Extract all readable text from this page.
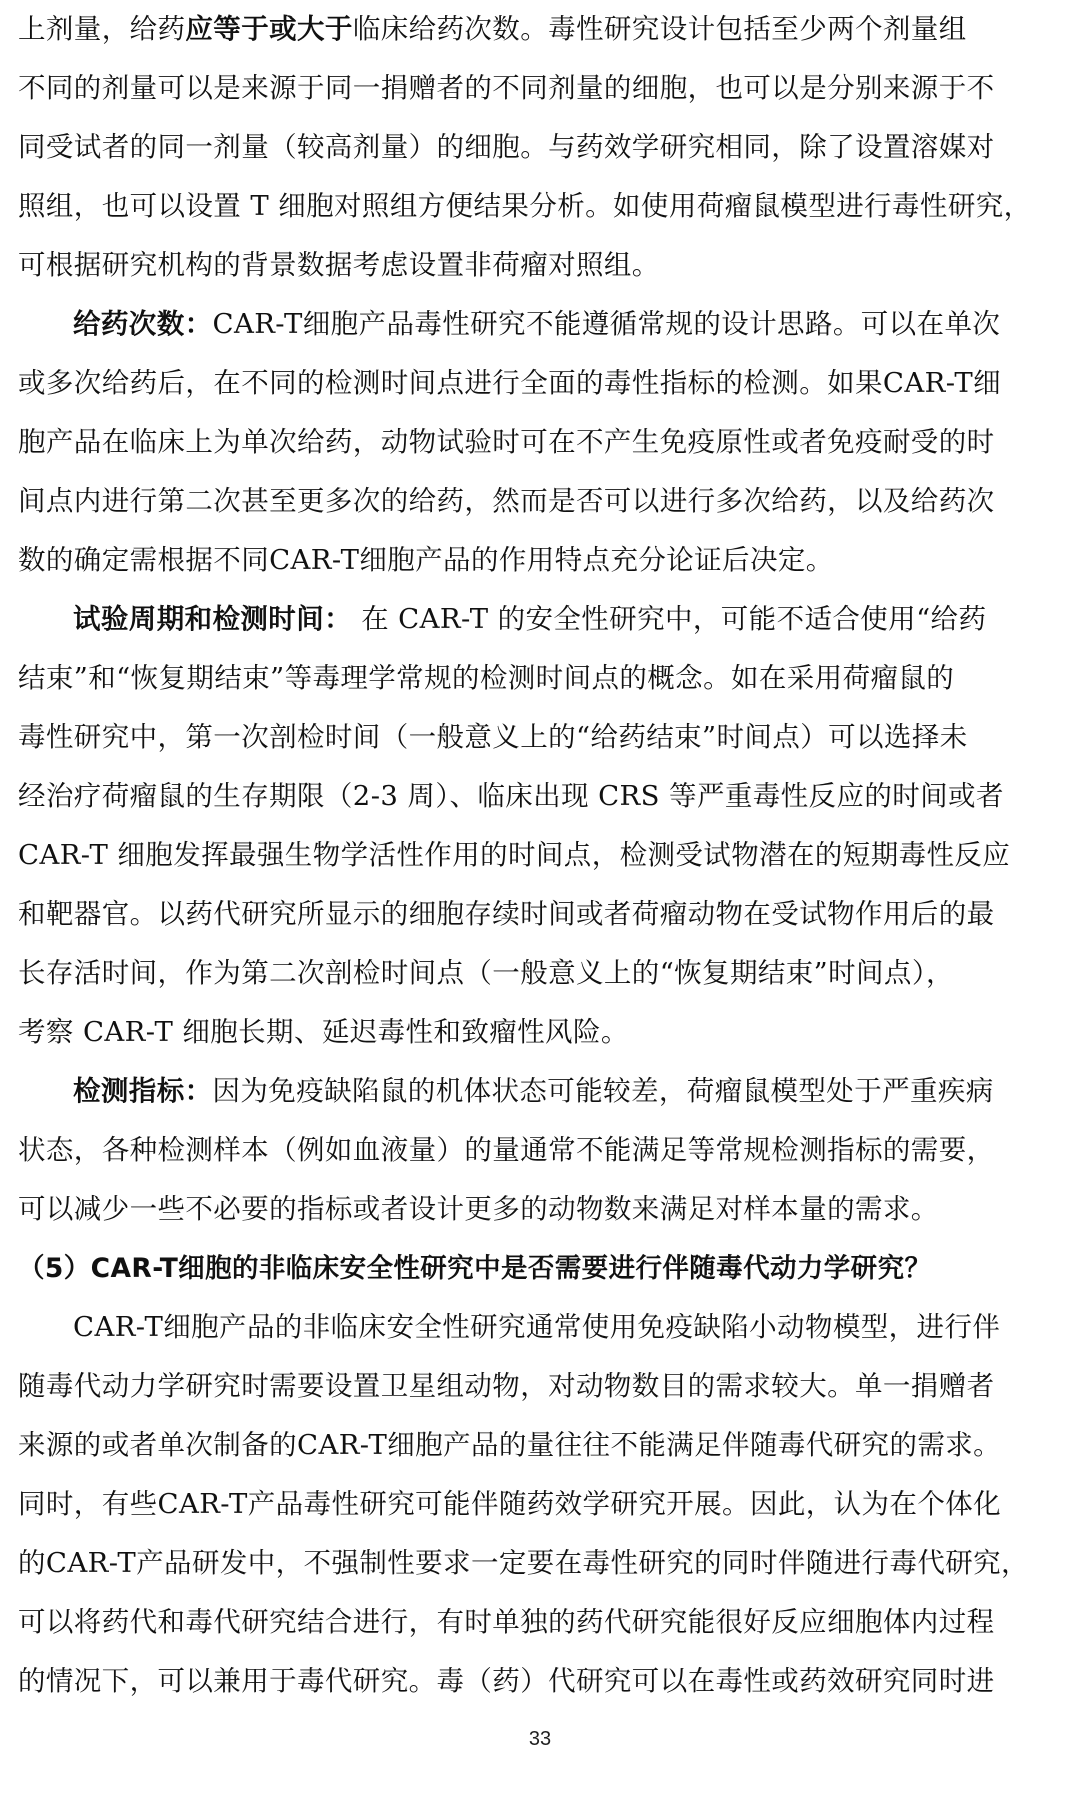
上剂量，给药应等于或大于临床给药次数。毒性研究设计包括至少两个剂量组
不同的剂量可以是来源于同一捐赠者的不同剂量的细胞，也可以是分别来源于不
同受试者的同一剂量（较高剂量）的细胞。与药效学研究相同，除了设置溶媒对
照组，也可以设置 T 细胞对照组方便结果分析。如使用荷瘤鼠模型进行毒性研究，
可根据研究机构的背景数据考虑设置非荷瘤对照组。
给药次数：CAR-T细胞产品毒性研究不能遵循常规的设计思路。可以在单次
或多次给药后，在不同的检测时间点进行全面的毒性指标的检测。如果CAR-T细
胞产品在临床上为单次给药，动物试验时可在不产生免疫原性或者免疫耐受的时
间点内进行第二次甚至更多次的给药，然而是否可以进行多次给药，以及给药次
数的确定需根据不同CAR-T细胞产品的作用特点充分论证后决定。
试验周期和检测时间： 在 CAR-T 的安全性研究中，可能不适合使用“给药
结束”和“恢复期结束”等毒理学常规的检测时间点的概念。如在采用荷瘤鼠的
毒性研究中，第一次剖检时间（一般意义上的“给药结束”时间点）可以选择未
经治疗荷瘤鼠的生存期限（2-3 周）、临床出现 CRS 等严重毒性反应的时间或者
CAR-T 细胞发挥最强生物学活性作用的时间点，检测受试物潜在的短期毒性反应
和靶器官。以药代研究所显示的细胞存续时间或者荷瘤动物在受试物作用后的最
长存活时间，作为第二次剖检时间点（一般意义上的“恢复期结束”时间点），
考察 CAR-T 细胞长期、延迟毒性和致瘤性风险。
检测指标：因为免疫缺陷鼠的机体状态可能较差，荷瘤鼠模型处于严重疾病
状态，各种检测样本（例如血液量）的量通常不能满足等常规检测指标的需要，
可以减少一些不必要的指标或者设计更多的动物数来满足对样本量的需求。
（5）CAR-T细胞的非临床安全性研究中是否需要进行伴随毒代动力学研究？
CAR-T细胞产品的非临床安全性研究通常使用免疫缺陷小动物模型，进行伴
随毒代动力学研究时需要设置卫星组动物，对动物数目的需求较大。单一捐赠者
来源的或者单次制备的CAR-T细胞产品的量往往不能满足伴随毒代研究的需求。
同时，有些CAR-T产品毒性研究可能伴随药效学研究开展。因此，认为在个体化
的CAR-T产品研发中，不强制性要求一定要在毒性研究的同时伴随进行毒代研究，
可以将药代和毒代研究结合进行，有时单独的药代研究能很好反应细胞体内过程
的情况下，可以兼用于毒代研究。毒（药）代研究可以在毒性或药效研究同时进
33
